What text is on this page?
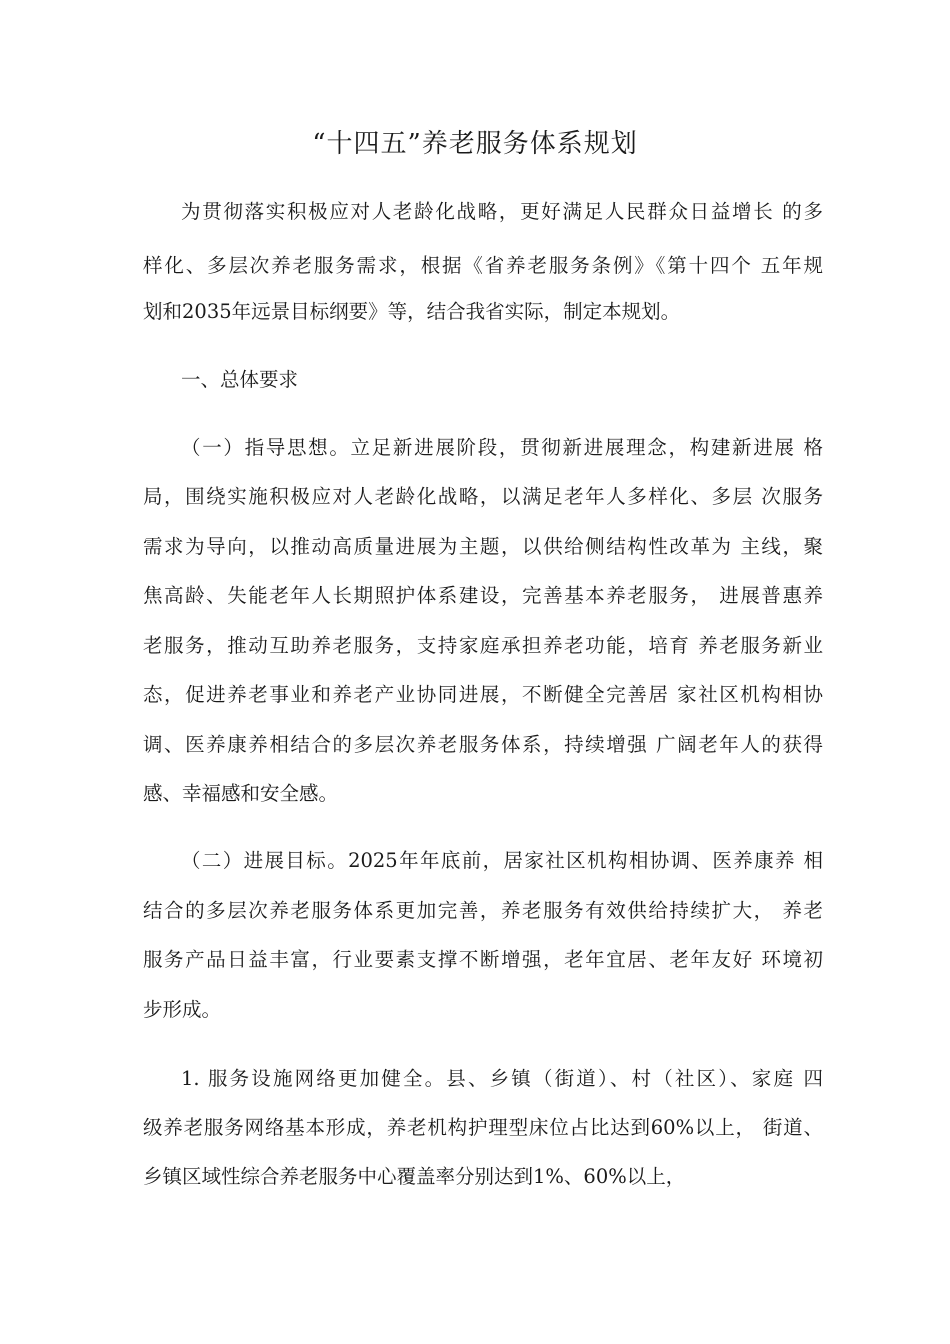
“十四五”养老服务体系规划
为贯彻落实积极应对人老龄化战略，更好满足人民群众日益增长 的多
样化、多层次养老服务需求，根据《省养老服务条例》《第十四个 五年规
划和2035年远景目标纲要》等，结合我省实际，制定本规划。
一、总体要求
（一）指导思想。立足新进展阶段，贯彻新进展理念，构建新进展 格
局，围绕实施积极应对人老龄化战略，以满足老年人多样化、多层 次服务
需求为导向，以推动高质量进展为主题，以供给侧结构性改革为 主线，聚
焦高龄、失能老年人长期照护体系建设，完善基本养老服务， 进展普惠养
老服务，推动互助养老服务，支持家庭承担养老功能，培育 养老服务新业
态，促进养老事业和养老产业协同进展，不断健全完善居 家社区机构相协
调、医养康养相结合的多层次养老服务体系，持续增强 广阔老年人的获得
感、幸福感和安全感。
（二）进展目标。2025年年底前，居家社区机构相协调、医养康养 相
结合的多层次养老服务体系更加完善，养老服务有效供给持续扩大， 养老
服务产品日益丰富，行业要素支撑不断增强，老年宜居、老年友好 环境初
步形成。
1. 服务设施网络更加健全。县、乡镇（街道）、村（社区）、家庭 四
级养老服务网络基本形成，养老机构护理型床位占比达到60%以上， 街道、
乡镇区域性综合养老服务中心覆盖率分别达到1%、60%以上，
